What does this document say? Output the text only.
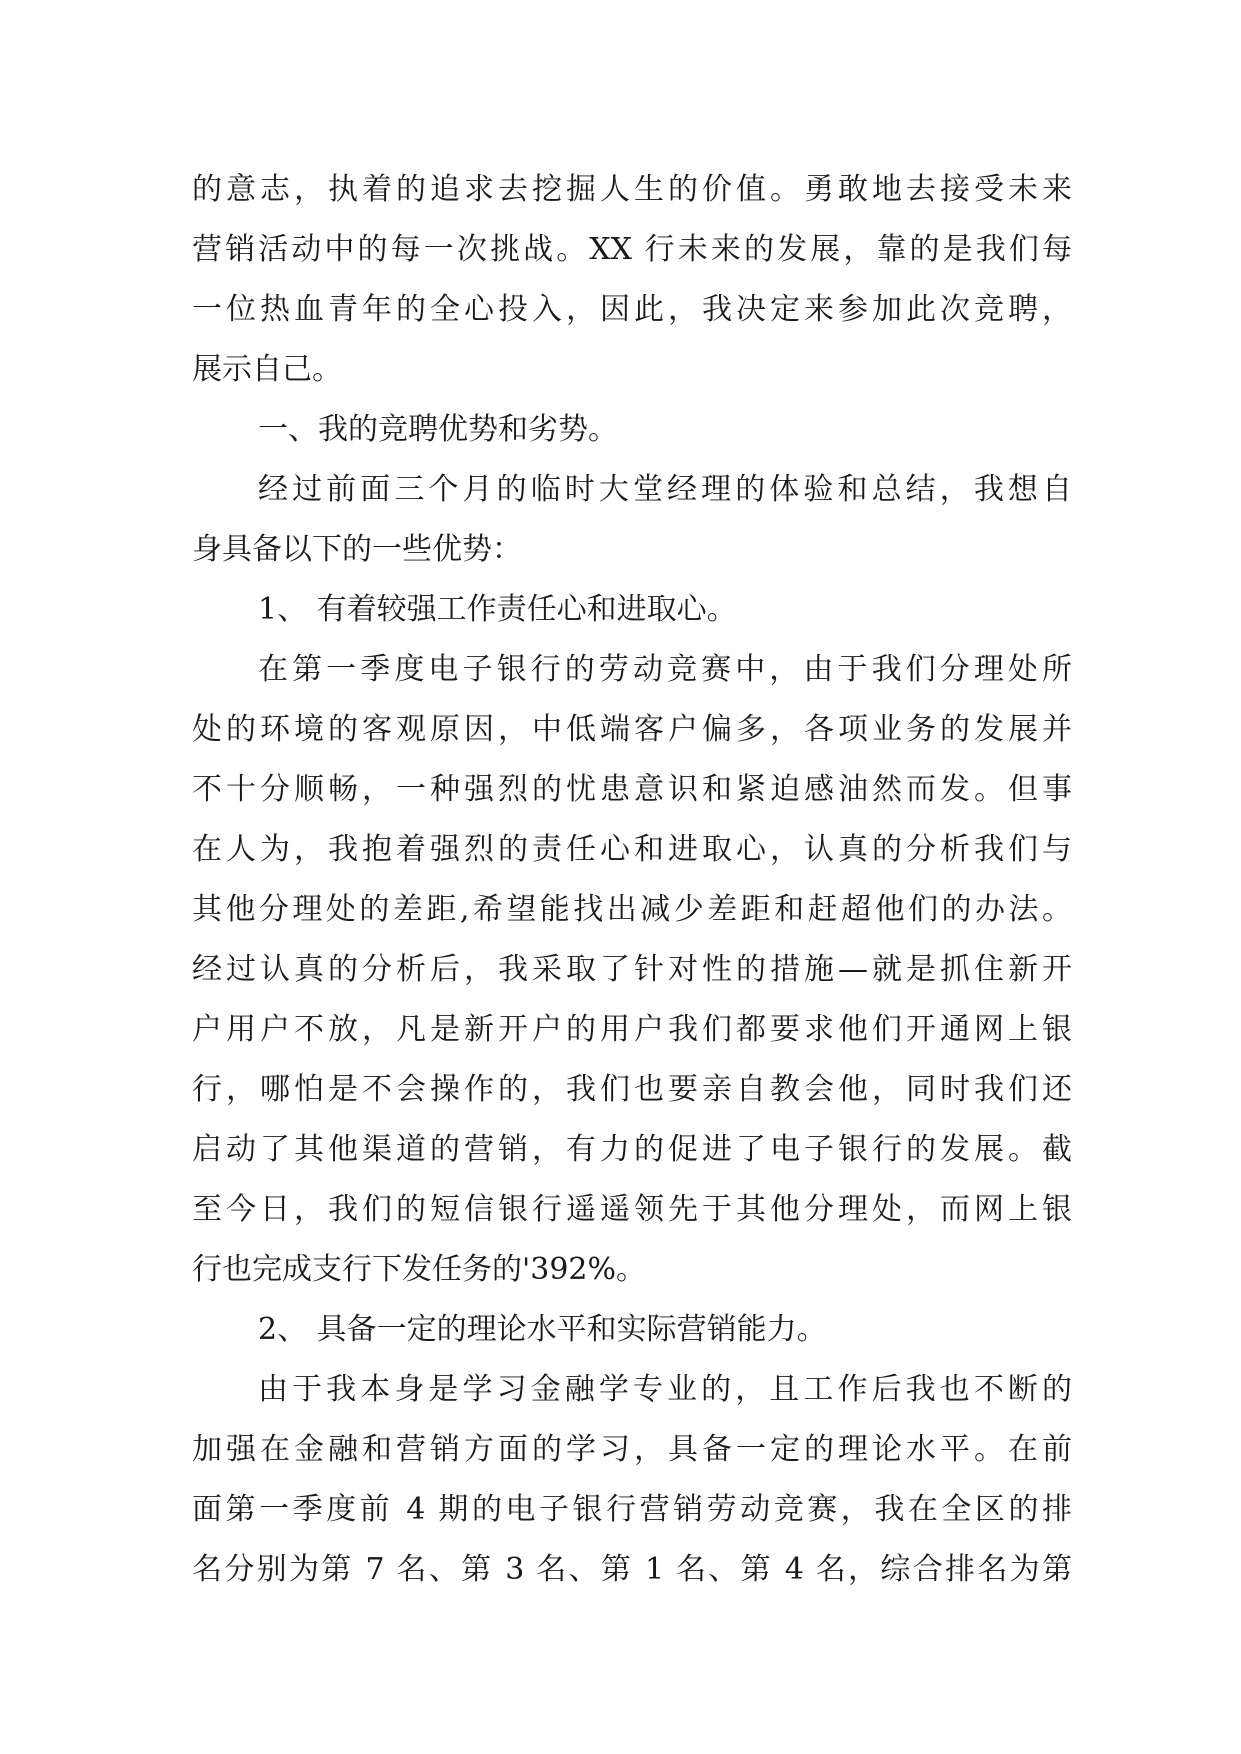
的意志，执着的追求去挖掘人生的价值。勇敢地去接受未来
营销活动中的每一次挑战。XX 行未来的发展，靠的是我们每
一位热血青年的全心投入，因此，我决定来参加此次竞聘，
展示自己。
一、我的竞聘优势和劣势。
经过前面三个月的临时大堂经理的体验和总结，我想自
身具备以下的一些优势：
1、 有着较强工作责任心和进取心。
在第一季度电子银行的劳动竞赛中，由于我们分理处所
处的环境的客观原因，中低端客户偏多，各项业务的发展并
不十分顺畅，一种强烈的忧患意识和紧迫感油然而发。但事
在人为，我抱着强烈的责任心和进取心，认真的分析我们与
其他分理处的差距,希望能找出减少差距和赶超他们的办法。
经过认真的分析后，我采取了针对性的措施—就是抓住新开
户用户不放，凡是新开户的用户我们都要求他们开通网上银
行，哪怕是不会操作的，我们也要亲自教会他，同时我们还
启动了其他渠道的营销，有力的促进了电子银行的发展。截
至今日，我们的短信银行遥遥领先于其他分理处，而网上银
行也完成支行下发任务的'392%。
2、 具备一定的理论水平和实际营销能力。
由于我本身是学习金融学专业的，且工作后我也不断的
加强在金融和营销方面的学习，具备一定的理论水平。在前
面第一季度前 4 期的电子银行营销劳动竞赛，我在全区的排
名分别为第 7 名、第 3 名、第 1 名、第 4 名，综合排名为第
